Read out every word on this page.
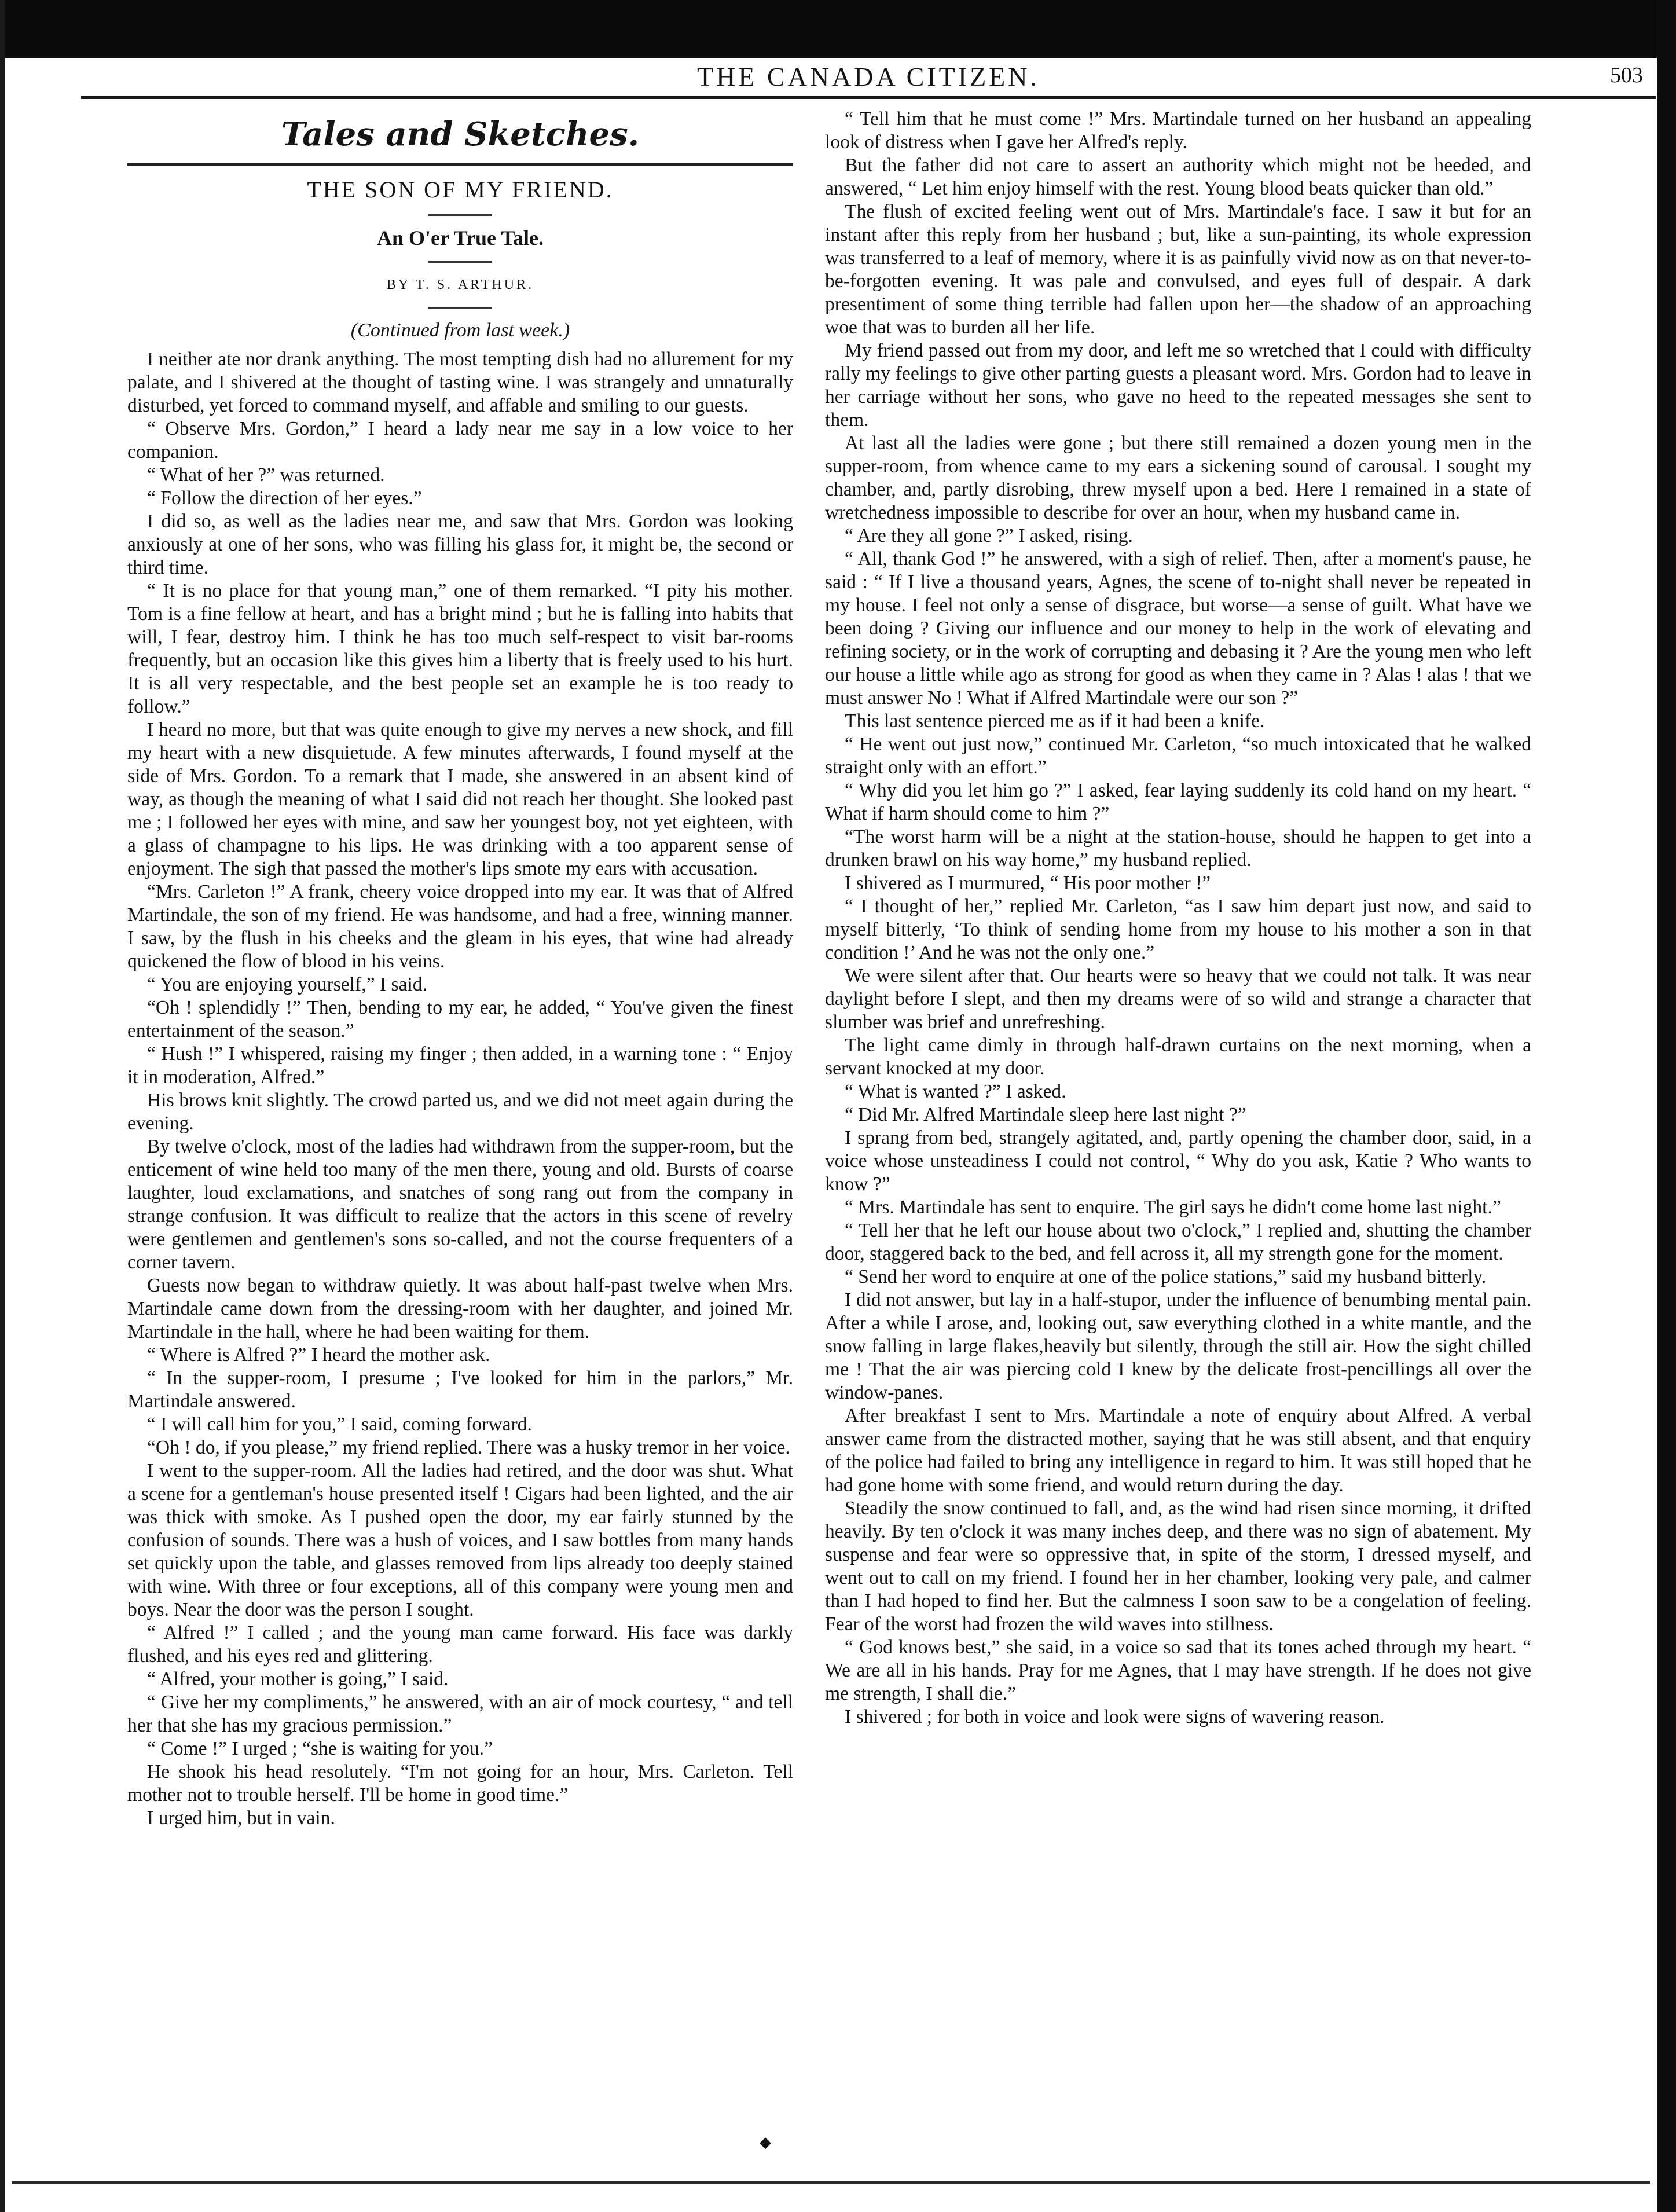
THE CANADA CITIZEN.	503
Tales and Sketches.
THE SON OF MY FRIEND.
An O'er True Tale.
BY T. S. ARTHUR.
(Continued from last week.)

I neither ate nor drank anything. The most tempting dish had no allurement for my palate, and I shivered at the thought of tasting wine. I was strangely and unnaturally disturbed, yet forced to command myself, and affable and smiling to our guests.

“ Observe Mrs. Gordon,” I heard a lady near me say in a low voice to her companion.

“ What of her ?” was returned.

“ Follow the direction of her eyes.”

I did so, as well as the ladies near me, and saw that Mrs. Gordon was looking anxiously at one of her sons, who was filling his glass for, it might be, the second or third time.

“ It is no place for that young man,” one of them remarked. “I pity his mother. Tom is a fine fellow at heart, and has a bright mind ; but he is falling into habits that will, I fear, destroy him. I think he has too much self-respect to visit bar-rooms frequently, but an occasion like this gives him a liberty that is freely used to his hurt. It is all very respectable, and the best people set an example he is too ready to follow.”

I heard no more, but that was quite enough to give my nerves a new shock, and fill my heart with a new disquietude. A few minutes afterwards, I found myself at the side of Mrs. Gordon. To a remark that I made, she answered in an absent kind of way, as though the meaning of what I said did not reach her thought. She looked past me ; I followed her eyes with mine, and saw her youngest boy, not yet eighteen, with a glass of champagne to his lips. He was drinking with a too apparent sense of enjoyment. The sigh that passed the mother's lips smote my ears with accusation.

“Mrs. Carleton !” A frank, cheery voice dropped into my ear. It was that of Alfred Martindale, the son of my friend. He was handsome, and had a free, winning manner. I saw, by the flush in his cheeks and the gleam in his eyes, that wine had already quickened the flow of blood in his veins.

“ You are enjoying yourself,” I said.

“Oh ! splendidly !” Then, bending to my ear, he added, “ You've given the finest entertainment of the season.”

“ Hush !” I whispered, raising my finger ; then added, in a warning tone : “ Enjoy it in moderation, Alfred.”

His brows knit slightly. The crowd parted us, and we did not meet again during the evening.

By twelve o'clock, most of the ladies had withdrawn from the supper-room, but the enticement of wine held too many of the men there, young and old. Bursts of coarse laughter, loud exclamations, and snatches of song rang out from the company in strange confusion. It was difficult to realize that the actors in this scene of revelry were gentlemen and gentlemen's sons so-called, and not the course frequenters of a corner tavern.

Guests now began to withdraw quietly. It was about half-past twelve when Mrs. Martindale came down from the dressing-room with her daughter, and joined Mr. Martindale in the hall, where he had been waiting for them.

“ Where is Alfred ?” I heard the mother ask.

“ In the supper-room, I presume ; I've looked for him in the parlors,” Mr. Martindale answered.

“ I will call him for you,” I said, coming forward.

“Oh ! do, if you please,” my friend replied. There was a husky tremor in her voice.

I went to the supper-room. All the ladies had retired, and the door was shut. What a scene for a gentleman's house presented itself ! Cigars had been lighted, and the air was thick with smoke. As I pushed open the door, my ear fairly stunned by the confusion of sounds. There was a hush of voices, and I saw bottles from many hands set quickly upon the table, and glasses removed from lips already too deeply stained with wine. With three or four exceptions, all of this company were young men and boys. Near the door was the person I sought.

“ Alfred !” I called ; and the young man came forward. His face was darkly flushed, and his eyes red and glittering.

“ Alfred, your mother is going,” I said.

“ Give her my compliments,” he answered, with an air of mock courtesy, “ and tell her that she has my gracious permission.”

“ Come !” I urged ; “she is waiting for you.”

He shook his head resolutely. “I'm not going for an hour, Mrs. Carleton. Tell mother not to trouble herself. I'll be home in good time.”

I urged him, but in vain.

“ Tell him that he must come !” Mrs. Martindale turned on her husband an appealing look of distress when I gave her Alfred's reply.

But the father did not care to assert an authority which might not be heeded, and answered, “ Let him enjoy himself with the rest. Young blood beats quicker than old.”

The flush of excited feeling went out of Mrs. Martindale's face. I saw it but for an instant after this reply from her husband ; but, like a sun-painting, its whole expression was transferred to a leaf of memory, where it is as painfully vivid now as on that never-to-be-forgotten evening. It was pale and convulsed, and eyes full of despair. A dark presentiment of some thing terrible had fallen upon her—the shadow of an approaching woe that was to burden all her life.

My friend passed out from my door, and left me so wretched that I could with difficulty rally my feelings to give other parting guests a pleasant word. Mrs. Gordon had to leave in her carriage without her sons, who gave no heed to the repeated messages she sent to them.

At last all the ladies were gone ; but there still remained a dozen young men in the supper-room, from whence came to my ears a sickening sound of carousal. I sought my chamber, and, partly disrobing, threw myself upon a bed. Here I remained in a state of wretchedness impossible to describe for over an hour, when my husband came in.

“ Are they all gone ?” I asked, rising.

“ All, thank God !” he answered, with a sigh of relief. Then, after a moment's pause, he said : “ If I live a thousand years, Agnes, the scene of to-night shall never be repeated in my house. I feel not only a sense of disgrace, but worse—a sense of guilt. What have we been doing ? Giving our influence and our money to help in the work of elevating and refining society, or in the work of corrupting and debasing it ? Are the young men who left our house a little while ago as strong for good as when they came in ? Alas ! alas ! that we must answer No ! What if Alfred Martindale were our son ?”

This last sentence pierced me as if it had been a knife.

“ He went out just now,” continued Mr. Carleton, “so much intoxicated that he walked straight only with an effort.”

“ Why did you let him go ?” I asked, fear laying suddenly its cold hand on my heart. “ What if harm should come to him ?”

“The worst harm will be a night at the station-house, should he happen to get into a drunken brawl on his way home,” my husband replied.

I shivered as I murmured, “ His poor mother !”

“ I thought of her,” replied Mr. Carleton, “as I saw him depart just now, and said to myself bitterly, ‘To think of sending home from my house to his mother a son in that condition !’ And he was not the only one.”

We were silent after that. Our hearts were so heavy that we could not talk. It was near daylight before I slept, and then my dreams were of so wild and strange a character that slumber was brief and unrefreshing.

The light came dimly in through half-drawn curtains on the next morning, when a servant knocked at my door.

“ What is wanted ?” I asked.

“ Did Mr. Alfred Martindale sleep here last night ?”

I sprang from bed, strangely agitated, and, partly opening the chamber door, said, in a voice whose unsteadiness I could not control, “ Why do you ask, Katie ? Who wants to know ?”

“ Mrs. Martindale has sent to enquire. The girl says he didn't come home last night.”

“ Tell her that he left our house about two o'clock,” I replied and, shutting the chamber door, staggered back to the bed, and fell across it, all my strength gone for the moment.

“ Send her word to enquire at one of the police stations,” said my husband bitterly.

I did not answer, but lay in a half-stupor, under the influence of benumbing mental pain. After a while I arose, and, looking out, saw everything clothed in a white mantle, and the snow falling in large flakes,heavily but silently, through the still air. How the sight chilled me ! That the air was piercing cold I knew by the delicate frost-pencillings all over the window-panes.

After breakfast I sent to Mrs. Martindale a note of enquiry about Alfred. A verbal answer came from the distracted mother, saying that he was still absent, and that enquiry of the police had failed to bring any intelligence in regard to him. It was still hoped that he had gone home with some friend, and would return during the day.

Steadily the snow continued to fall, and, as the wind had risen since morning, it drifted heavily. By ten o'clock it was many inches deep, and there was no sign of abatement. My suspense and fear were so oppressive that, in spite of the storm, I dressed myself, and went out to call on my friend. I found her in her chamber, looking very pale, and calmer than I had hoped to find her. But the calmness I soon saw to be a congelation of feeling. Fear of the worst had frozen the wild waves into stillness.

“ God knows best,” she said, in a voice so sad that its tones ached through my heart. “ We are all in his hands. Pray for me Agnes, that I may have strength. If he does not give me strength, I shall die.”

I shivered ; for both in voice and look were signs of wavering reason.

◆
